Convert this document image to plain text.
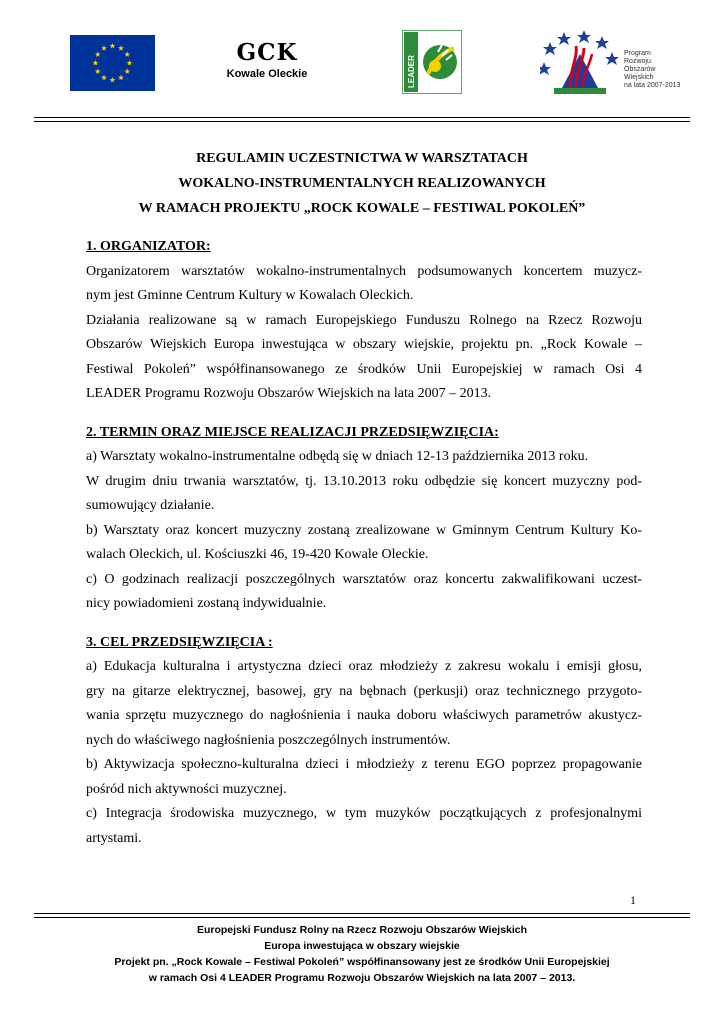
GCK
Kowale Oleckie	LEADER
Program
Rozwoju
Obszarów
Wiejskich
na lata 2007-2013
REGULAMIN UCZESTNICTWA W WARSZTATACH
WOKALNO-INSTRUMENTALNYCH REALIZOWANYCH
W RAMACH PROJEKTU „ROCK KOWALE – FESTIWAL POKOLEŃ”

1. ORGANIZATOR:

Organizatorem warsztatów wokalno-instrumentalnych podsumowanych koncertem muzycz-

nym jest Gminne Centrum Kultury w Kowalach Oleckich.

Działania realizowane są w ramach Europejskiego Funduszu Rolnego na Rzecz Rozwoju

Obszarów Wiejskich Europa inwestująca w obszary wiejskie, projektu pn. „Rock Kowale –

Festiwal Pokoleń” współfinansowanego ze środków Unii Europejskiej w ramach Osi 4

LEADER Programu Rozwoju Obszarów Wiejskich na lata 2007 – 2013.

2. TERMIN ORAZ MIEJSCE REALIZACJI PRZEDSIĘWZIĘCIA:

a) Warsztaty wokalno-instrumentalne odbędą się w dniach 12-13 października 2013 roku.

W drugim dniu trwania warsztatów, tj. 13.10.2013 roku odbędzie się koncert muzyczny pod-

sumowujący działanie.

b) Warsztaty oraz koncert muzyczny zostaną zrealizowane w Gminnym Centrum Kultury Ko-

walach Oleckich, ul. Kościuszki 46, 19-420 Kowale Oleckie.

c) O godzinach realizacji poszczególnych warsztatów oraz koncertu zakwalifikowani uczest-

nicy powiadomieni zostaną indywidualnie.

3. CEL PRZEDSIĘWZIĘCIA :

a) Edukacja kulturalna i artystyczna dzieci oraz młodzieży z zakresu wokalu i emisji głosu,

gry na gitarze elektrycznej, basowej, gry na bębnach (perkusji) oraz technicznego przygoto-

wania sprzętu muzycznego do nagłośnienia i nauka doboru właściwych parametrów akustycz-

nych do właściwego nagłośnienia poszczególnych instrumentów.

b) Aktywizacja społeczno-kulturalna dzieci i młodzieży z terenu EGO poprzez propagowanie

pośród nich aktywności muzycznej.

c) Integracja środowiska muzycznego, w tym muzyków początkujących z profesjonalnymi

artystami.

1
Europejski Fundusz Rolny na Rzecz Rozwoju Obszarów Wiejskich
Europa inwestująca w obszary wiejskie
Projekt pn. „Rock Kowale – Festiwal Pokoleń” współfinansowany jest ze środków Unii Europejskiej
w ramach Osi 4 LEADER Programu Rozwoju Obszarów Wiejskich na lata 2007 – 2013.
